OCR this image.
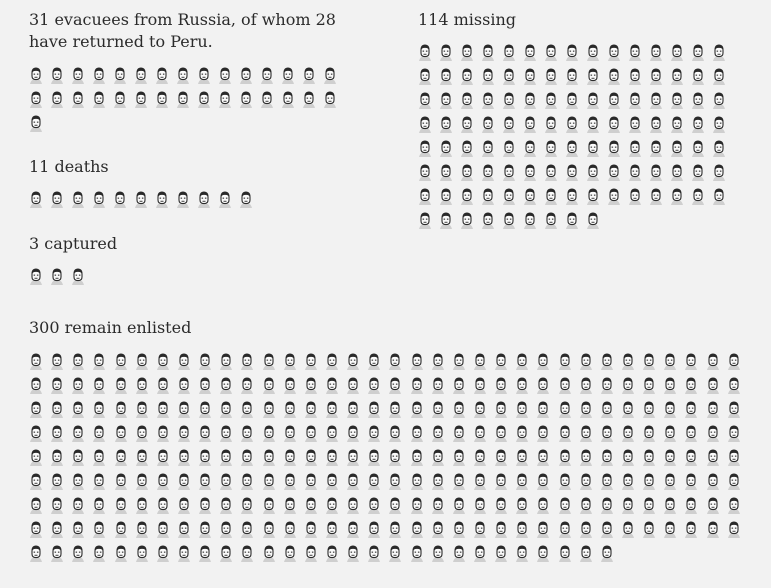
31 evacuees from Russia, of whom 28 have returned to Peru.

114 missing

11 deaths

3 captured

300 remain enlisted
